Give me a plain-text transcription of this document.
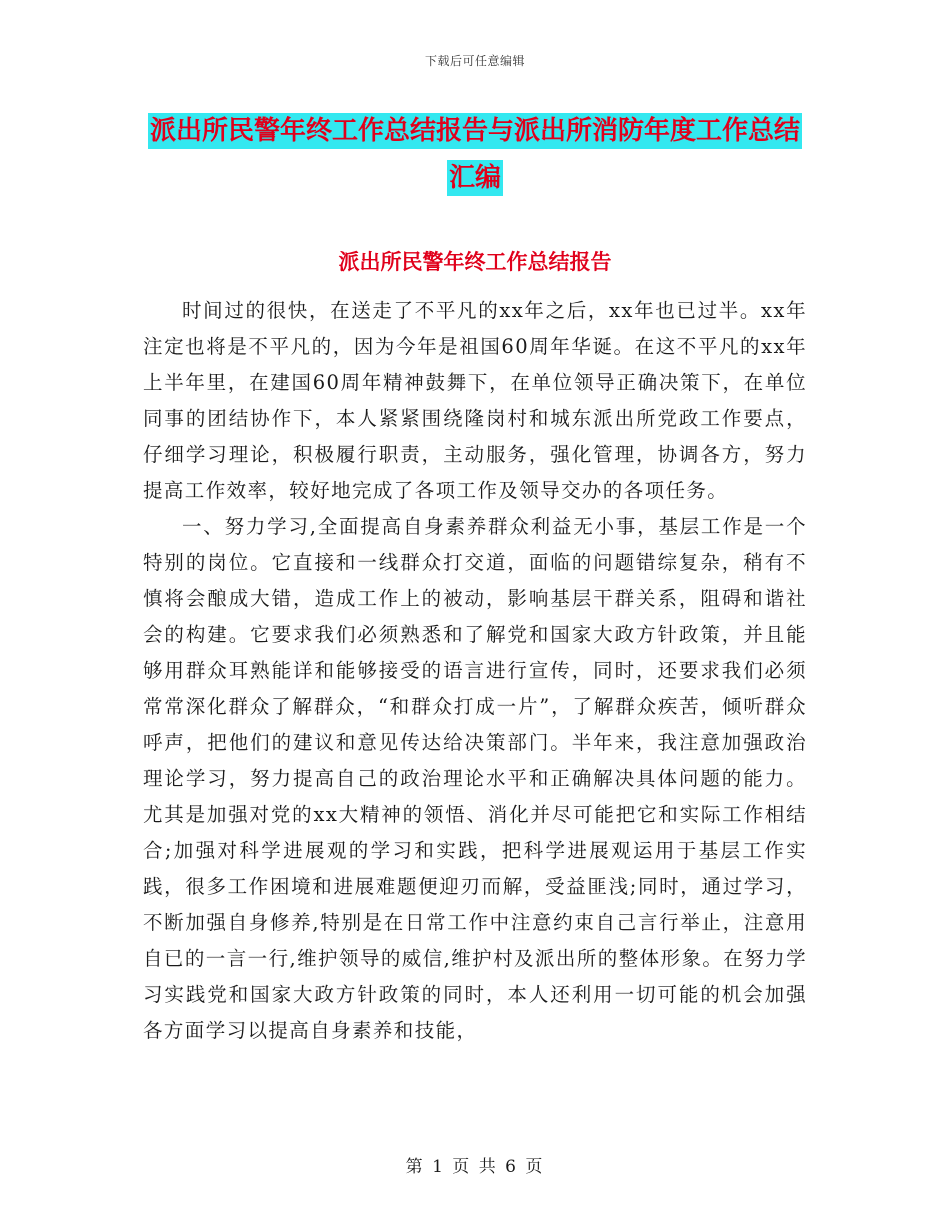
下载后可任意编辑
派出所民警年终工作总结报告与派出所消防年度工作总结汇编
派出所民警年终工作总结报告

时间过的很快，在送走了不平凡的xx年之后，xx年也已过半。xx年注定也将是不平凡的，因为今年是祖国60周年华诞。在这不平凡的xx年上半年里，在建国60周年精神鼓舞下，在单位领导正确决策下，在单位同事的团结协作下，本人紧紧围绕隆岗村和城东派出所党政工作要点，仔细学习理论，积极履行职责，主动服务，强化管理，协调各方，努力提高工作效率，较好地完成了各项工作及领导交办的各项任务。

一、努力学习,全面提高自身素养群众利益无小事，基层工作是一个特别的岗位。它直接和一线群众打交道，面临的问题错综复杂，稍有不慎将会酿成大错，造成工作上的被动，影响基层干群关系，阻碍和谐社会的构建。它要求我们必须熟悉和了解党和国家大政方针政策，并且能够用群众耳熟能详和能够接受的语言进行宣传，同时，还要求我们必须常常深化群众了解群众，“和群众打成一片”，了解群众疾苦，倾听群众呼声，把他们的建议和意见传达给决策部门。半年来，我注意加强政治理论学习，努力提高自己的政治理论水平和正确解决具体问题的能力。尤其是加强对党的xx大精神的领悟、消化并尽可能把它和实际工作相结合;加强对科学进展观的学习和实践，把科学进展观运用于基层工作实践，很多工作困境和进展难题便迎刃而解，受益匪浅;同时，通过学习，不断加强自身修养,特别是在日常工作中注意约束自己言行举止，注意用自已的一言一行,维护领导的威信,维护村及派出所的整体形象。在努力学习实践党和国家大政方针政策的同时，本人还利用一切可能的机会加强各方面学习以提高自身素养和技能，

第 1 页 共 6 页
